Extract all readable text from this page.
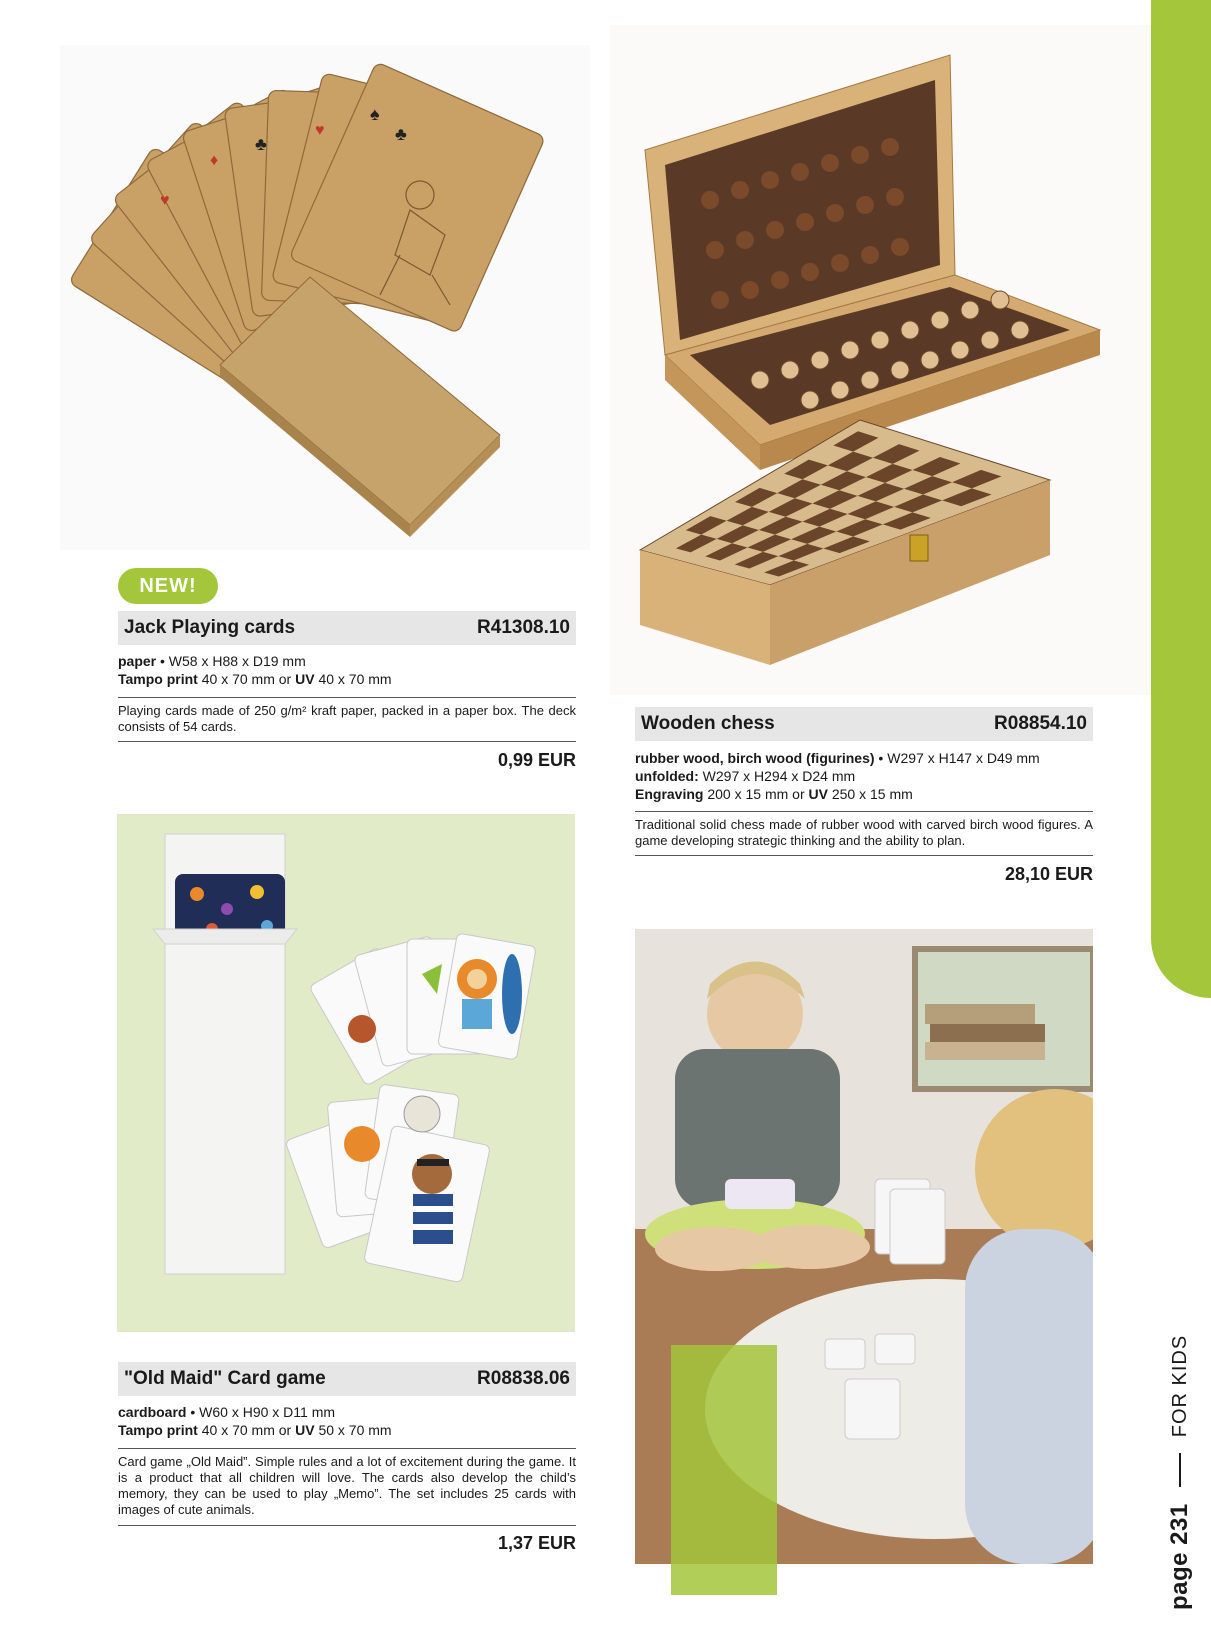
page 231
FOR KIDS
♥
♦
♥
♣
♠
♣
NEW!
Jack Playing cards	R41308.10
paper • W58 x H88 x D19 mm
Tampo print 40 x 70 mm or UV 40 x 70 mm
Playing cards made of 250 g/m² kraft paper, packed in a paper box. The deck consists of 54 cards.
0,99 EUR
Wooden chess	R08854.10
rubber wood, birch wood (figurines) • W297 x H147 x D49 mm
unfolded: W297 x H294 x D24 mm
Engraving 200 x 15 mm or UV 250 x 15 mm
Traditional solid chess made of rubber wood with carved birch wood figures. A game developing strategic thinking and the ability to plan.
28,10 EUR
"Old Maid" Card game	R08838.06
cardboard • W60 x H90 x D11 mm
Tampo print 40 x 70 mm or UV 50 x 70 mm
Card game „Old Maid”. Simple rules and a lot of excitement during the game. It is a product that all children will love. The cards also develop the child’s memory, they can be used to play „Memo”. The set includes 25 cards with images of cute animals.
1,37 EUR
